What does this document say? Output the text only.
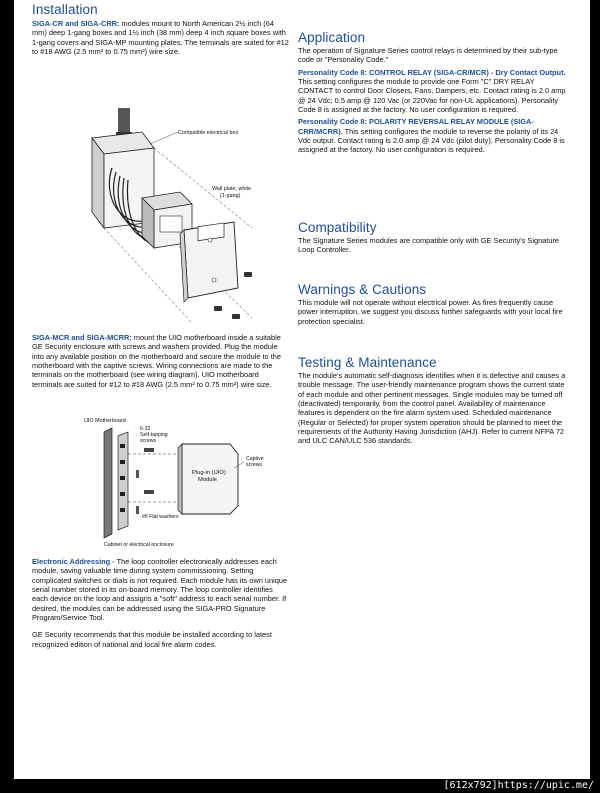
Installation

SIGA-CR and SIGA-CRR: modules mount to North American 2½ inch (64 mm) deep 1-gang boxes and 1½ inch (38 mm) deep 4 inch square boxes with 1-gang covers and SIGA-MP mounting plates. The terminals are suited for #12 to #18 AWG (2.5 mm² to 0.75 mm²) wire size.

Compatible electrical box
Wall plate, white
(1-gang)

SIGA-MCR and SIGA-MCRR: mount the UIO motherboard inside a suitable GE Security enclosure with screws and washers provided. Plug the module into any available position on the motherboard and secure the module to the motherboard with the captive screws. Wiring connections are made to the terminals on the motherboard (see wiring diagram). UIO motherboard terminals are suited for #12 to #18 AWG (2.5 mm² to 0.75 mm²) wire size.

UIO Motherboard
6-32
Self-tapping
screws
Plug-in (UIO)
Module
Captive
screws
#6 Flat washers
Cabinet or electrical enclosure

Electronic Addressing - The loop controller electronically addresses each module, saving valuable time during system commissioning. Setting complicated switches or dials is not required. Each module has its own unique serial number stored in its on-board memory. The loop controller identifies each device on the loop and assigns a "soft" address to each serial number. If desired, the modules can be addressed using the SIGA-PRO Signature Program/Service Tool.

GE Security recommends that this module be installed according to latest recognized edition of national and local fire alarm codes.

Application

The operation of Signature Series control relays is determined by their sub-type code or "Personality Code."

Personality Code 8: CONTROL RELAY (SIGA-CR/MCR) - Dry Contact Output. This setting configures the module to provide one Form "C" DRY RELAY CONTACT to control Door Closers, Fans, Dampers, etc. Contact rating is 2.0 amp @ 24 Vdc; 0.5 amp @ 120 Vac (or 220Vac for non-UL applications). Personality Code 8 is assigned at the factory. No user configuration is required.

Personality Code 8: POLARITY REVERSAL RELAY MODULE (SIGA-CRR/MCRR). This setting configures the module to reverse the polarity of its 24 Vdc output. Contact rating is 2.0 amp @ 24 Vdc (pilot duty). Personality Code 8 is assigned at the factory. No user configuration is required.

Compatibility

The Signature Series modules are compatible only with GE Security's Signature Loop Controller.

Warnings & Cautions

This module will not operate without electrical power. As fires frequently cause power interruption, we suggest you discuss further safeguards with your local fire protection specialist.

Testing & Maintenance

The module's automatic self-diagnosis identifies when it is defective and causes a trouble message. The user-friendly maintenance program shows the current state of each module and other pertinent messages. Single modules may be turned off (deactivated) temporarily, from the control panel. Availability of maintenance features is dependent on the fire alarm system used. Scheduled maintenance (Regular or Selected) for proper system operation should be planned to meet the requirements of the Authority Having Jurisdiction (AHJ). Refer to current NFPA 72 and ULC CAN/ULC 536 standards.

[612x792]https://upic.me/
